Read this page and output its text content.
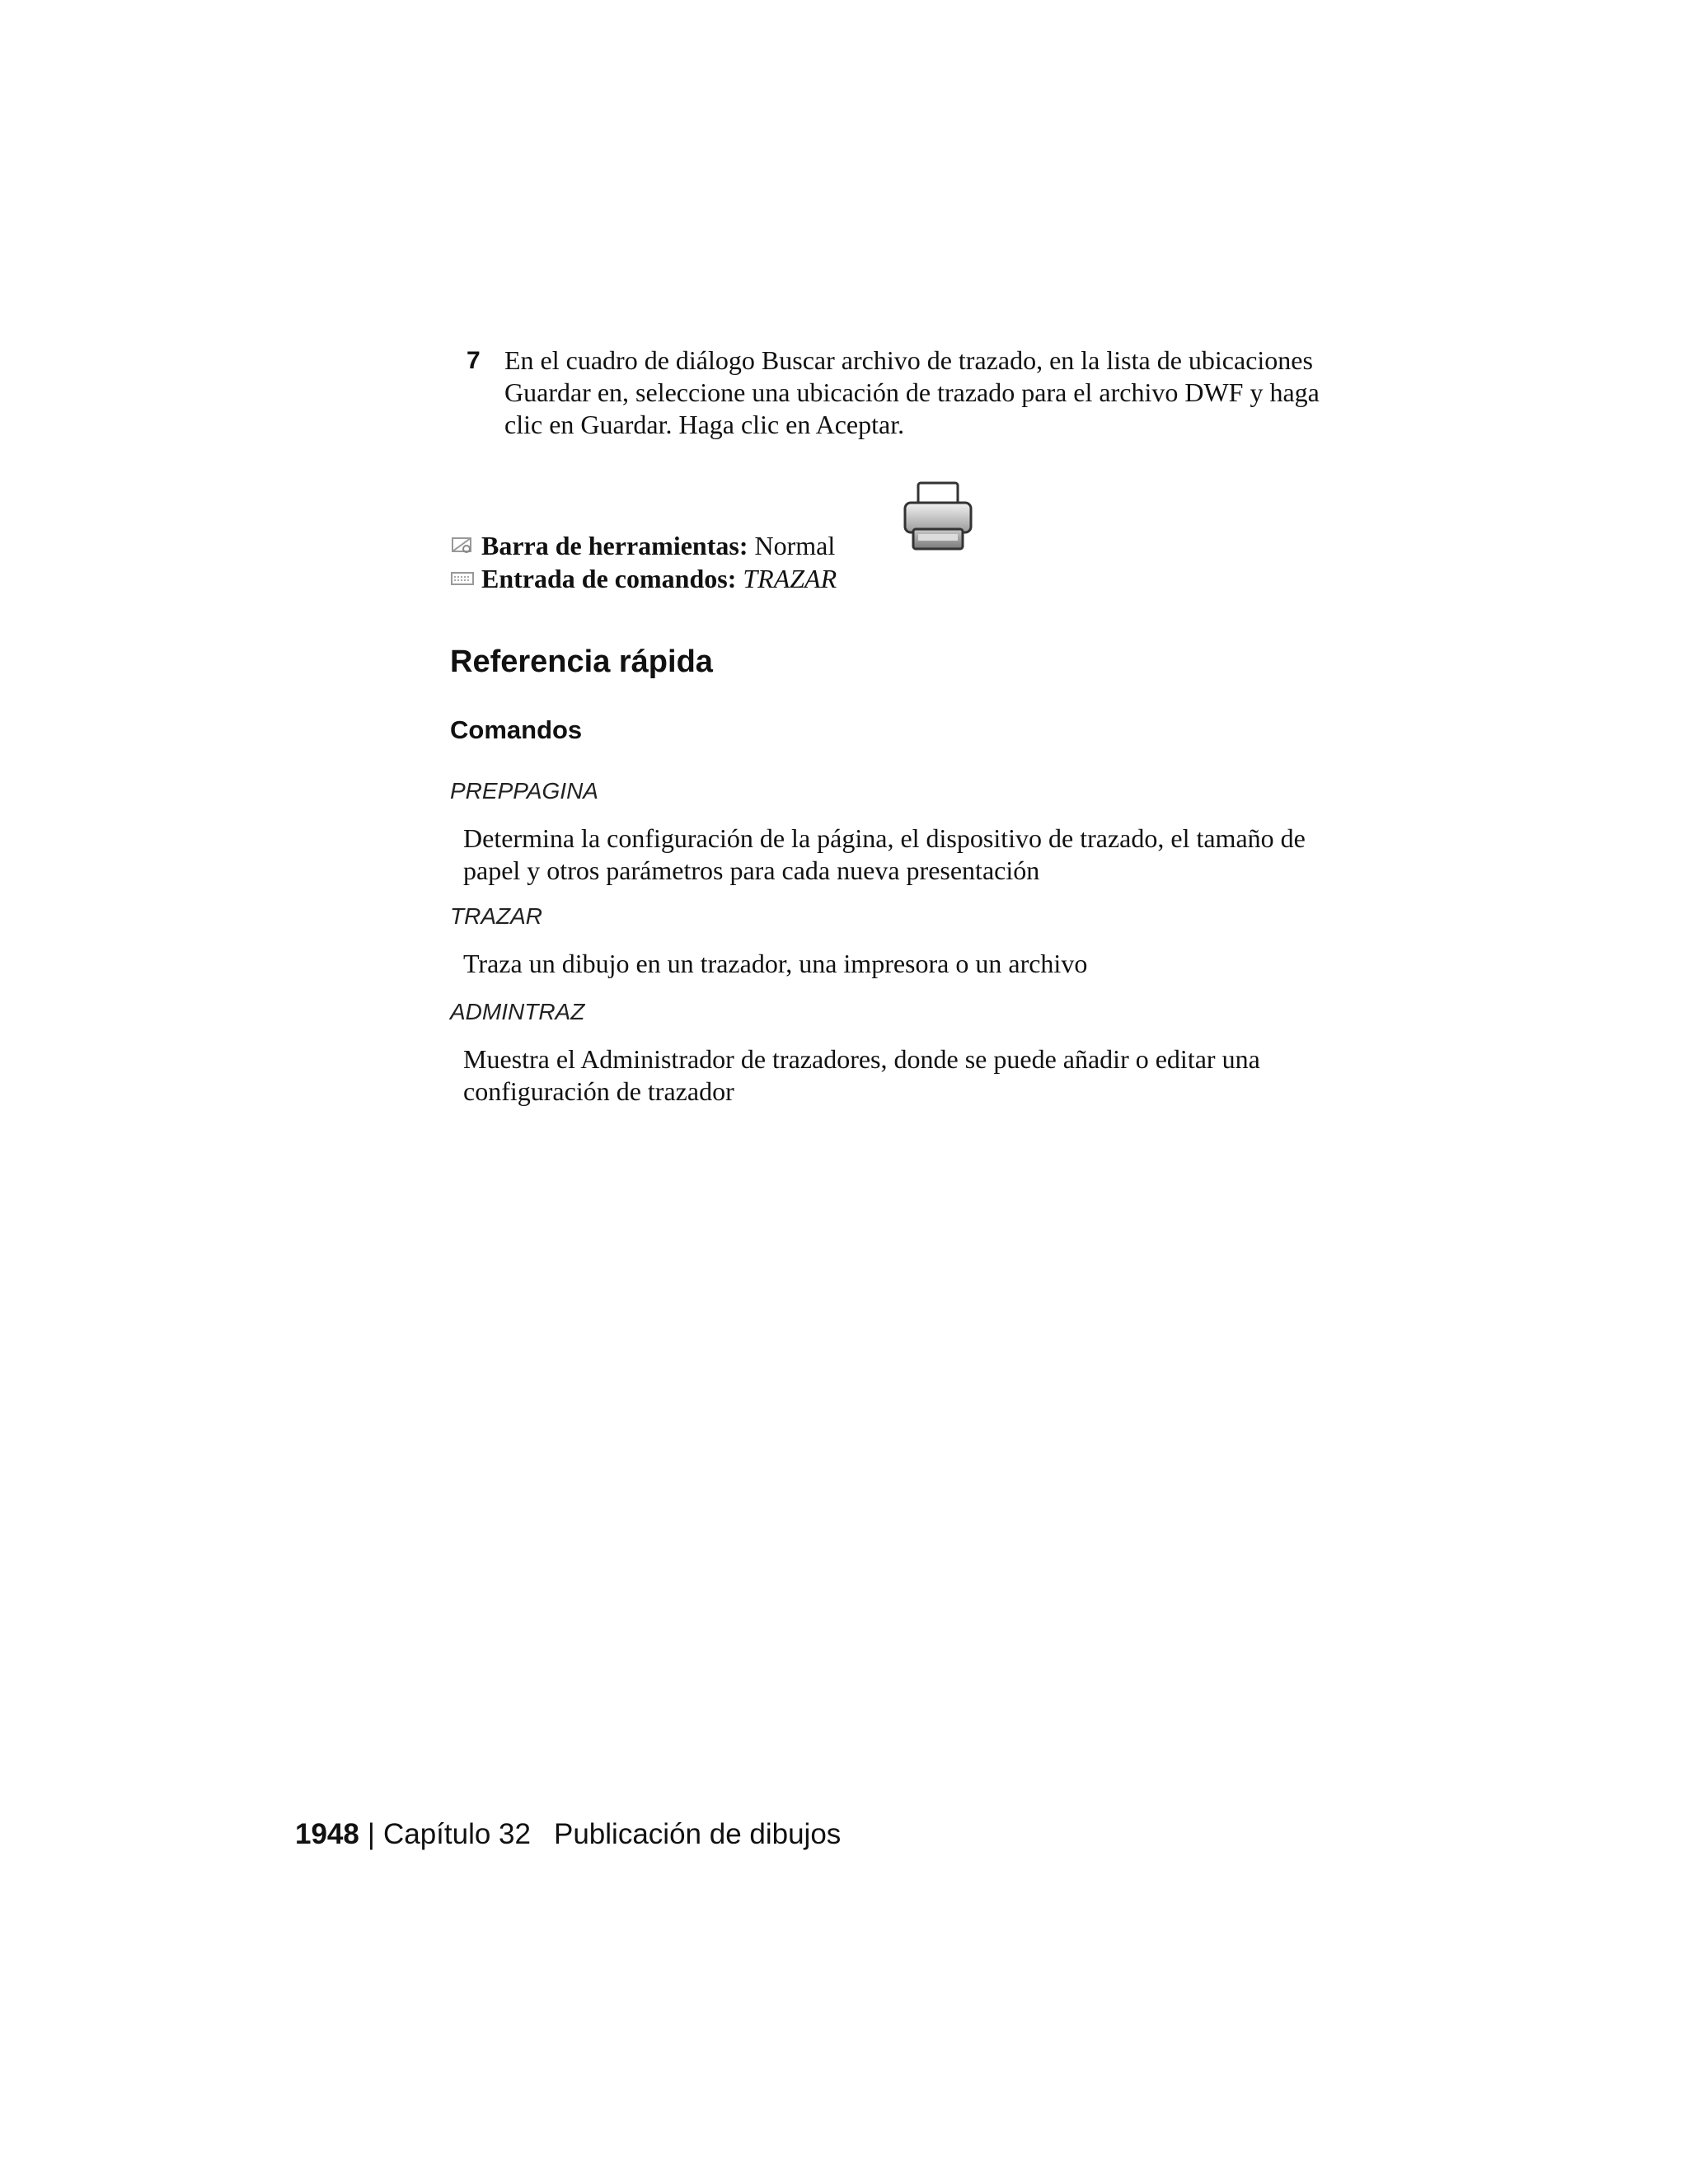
7 En el cuadro de diálogo Buscar archivo de trazado, en la lista de ubicaciones Guardar en, seleccione una ubicación de trazado para el archivo DWF y haga clic en Guardar. Haga clic en Aceptar.
Barra de herramientas: Normal
Entrada de comandos: TRAZAR
Referencia rápida
Comandos
PREPPAGINA
Determina la configuración de la página, el dispositivo de trazado, el tamaño de papel y otros parámetros para cada nueva presentación
TRAZAR
Traza un dibujo en un trazador, una impresora o un archivo
ADMINTRAZ
Muestra el Administrador de trazadores, donde se puede añadir o editar una configuración de trazador
1948 | Capítulo 32 Publicación de dibujos
